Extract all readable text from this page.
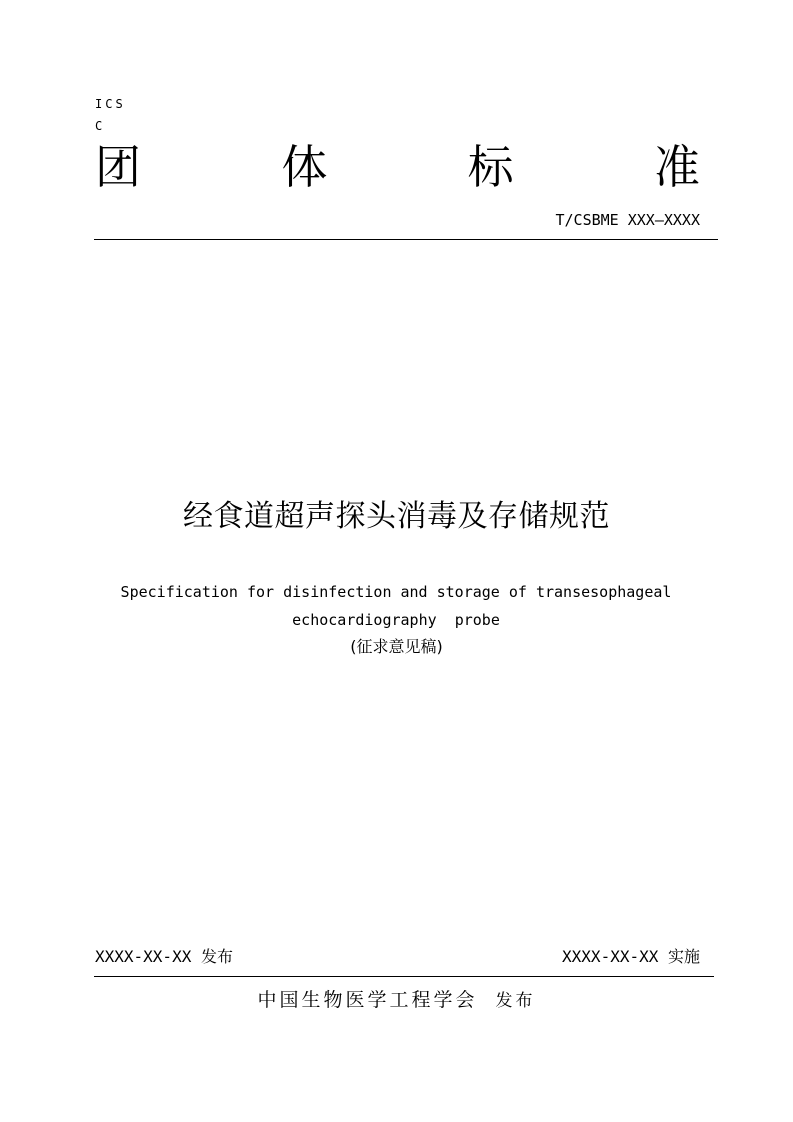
ICS
C
团	体	标	准
T/CSBME XXX—XXXX
经食道超声探头消毒及存储规范
Specification for disinfection and storage of transesophageal
echocardiography  probe
(征求意见稿)
XXXX-XX-XX 发布	XXXX-XX-XX 实施
中国生物医学工程学会 发布
